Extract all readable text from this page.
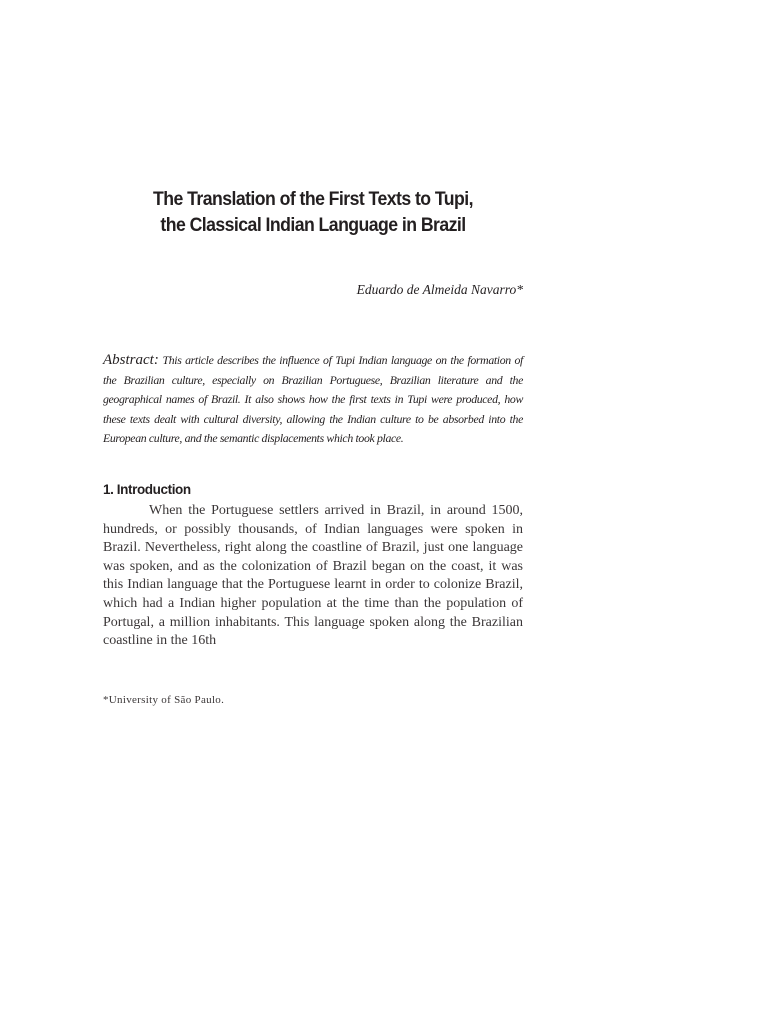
The Translation of the First Texts to Tupi,
the Classical Indian Language in Brazil
Eduardo de Almeida Navarro*

Abstract: This article describes the influence of Tupi Indian language on the formation of the Brazilian culture, especially on Brazilian Portuguese, Brazilian literature and the geographical names of Brazil. It also shows how the first texts in Tupi were produced, how these texts dealt with cultural diversity, allowing the Indian culture to be absorbed into the European culture, and the semantic displacements which took place.

1. Introduction

When the Portuguese settlers arrived in Brazil, in around 1500, hundreds, or possibly thousands, of Indian languages were spoken in Brazil. Nevertheless, right along the coastline of Brazil, just one language was spoken, and as the colonization of Brazil began on the coast, it was this Indian language that the Portuguese learnt in order to colonize Brazil, which had a Indian higher population at the time than the population of Portugal, a million inhabitants. This language spoken along the Brazilian coastline in the 16th

*University of São Paulo.
